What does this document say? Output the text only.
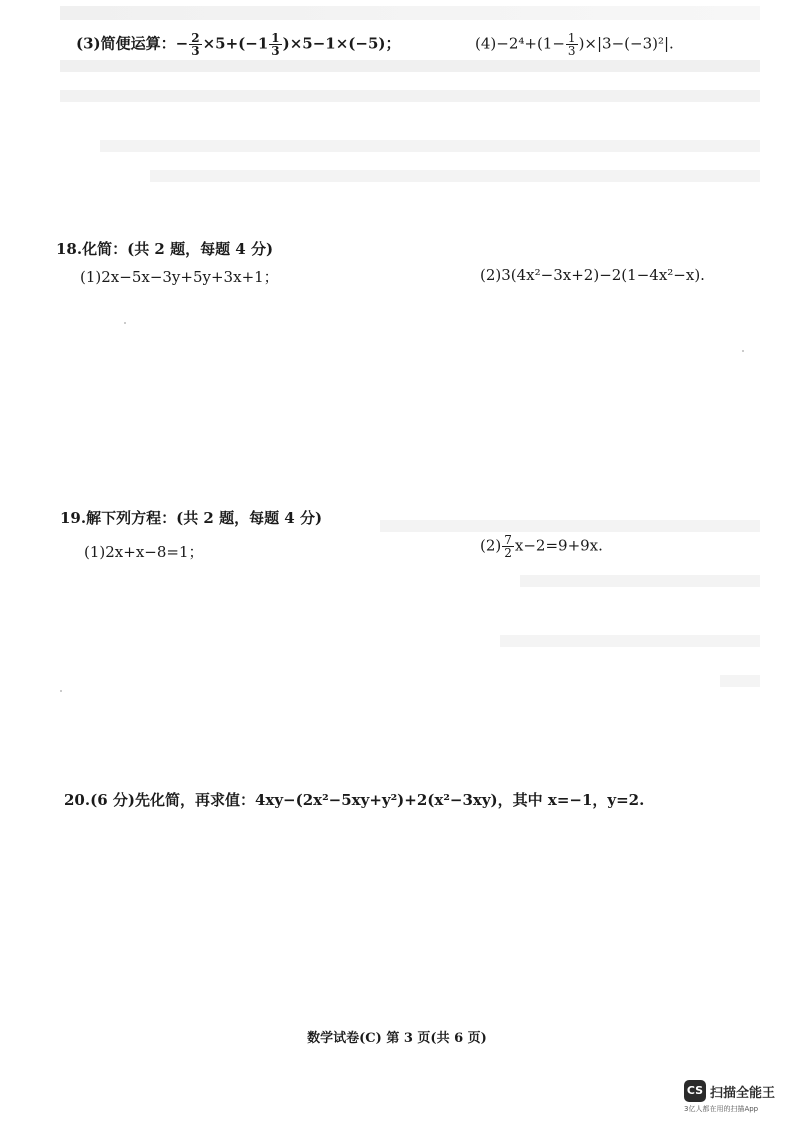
(3)简便运算：− $\frac{2}{3} \times 5+(-1 \frac{1}{3} )\times 5-1\times(-5)$；	$(4)-2^4+(1- \frac{1}{3} )\times|3-(-3)^2|$.
18.化简：(共 2 题，每题 4 分)
(1)2x−5x−3y+5y+3x+1；	(2)3(4x²−3x+2)−2(1−4x²−x).
19.解下列方程：(共 2 题，每题 4 分)
(1)2x+x−8=1；	$(2) \frac{7}{2} x-2=9+9x$.
20.(6 分)先化简，再求值：4xy−(2x²−5xy+y²)+2(x²−3xy)，其中 x=−1，y=2.
数学试卷(C) 第 3 页(共 6 页)
CS 扫描全能王
3亿人都在用的扫描App
